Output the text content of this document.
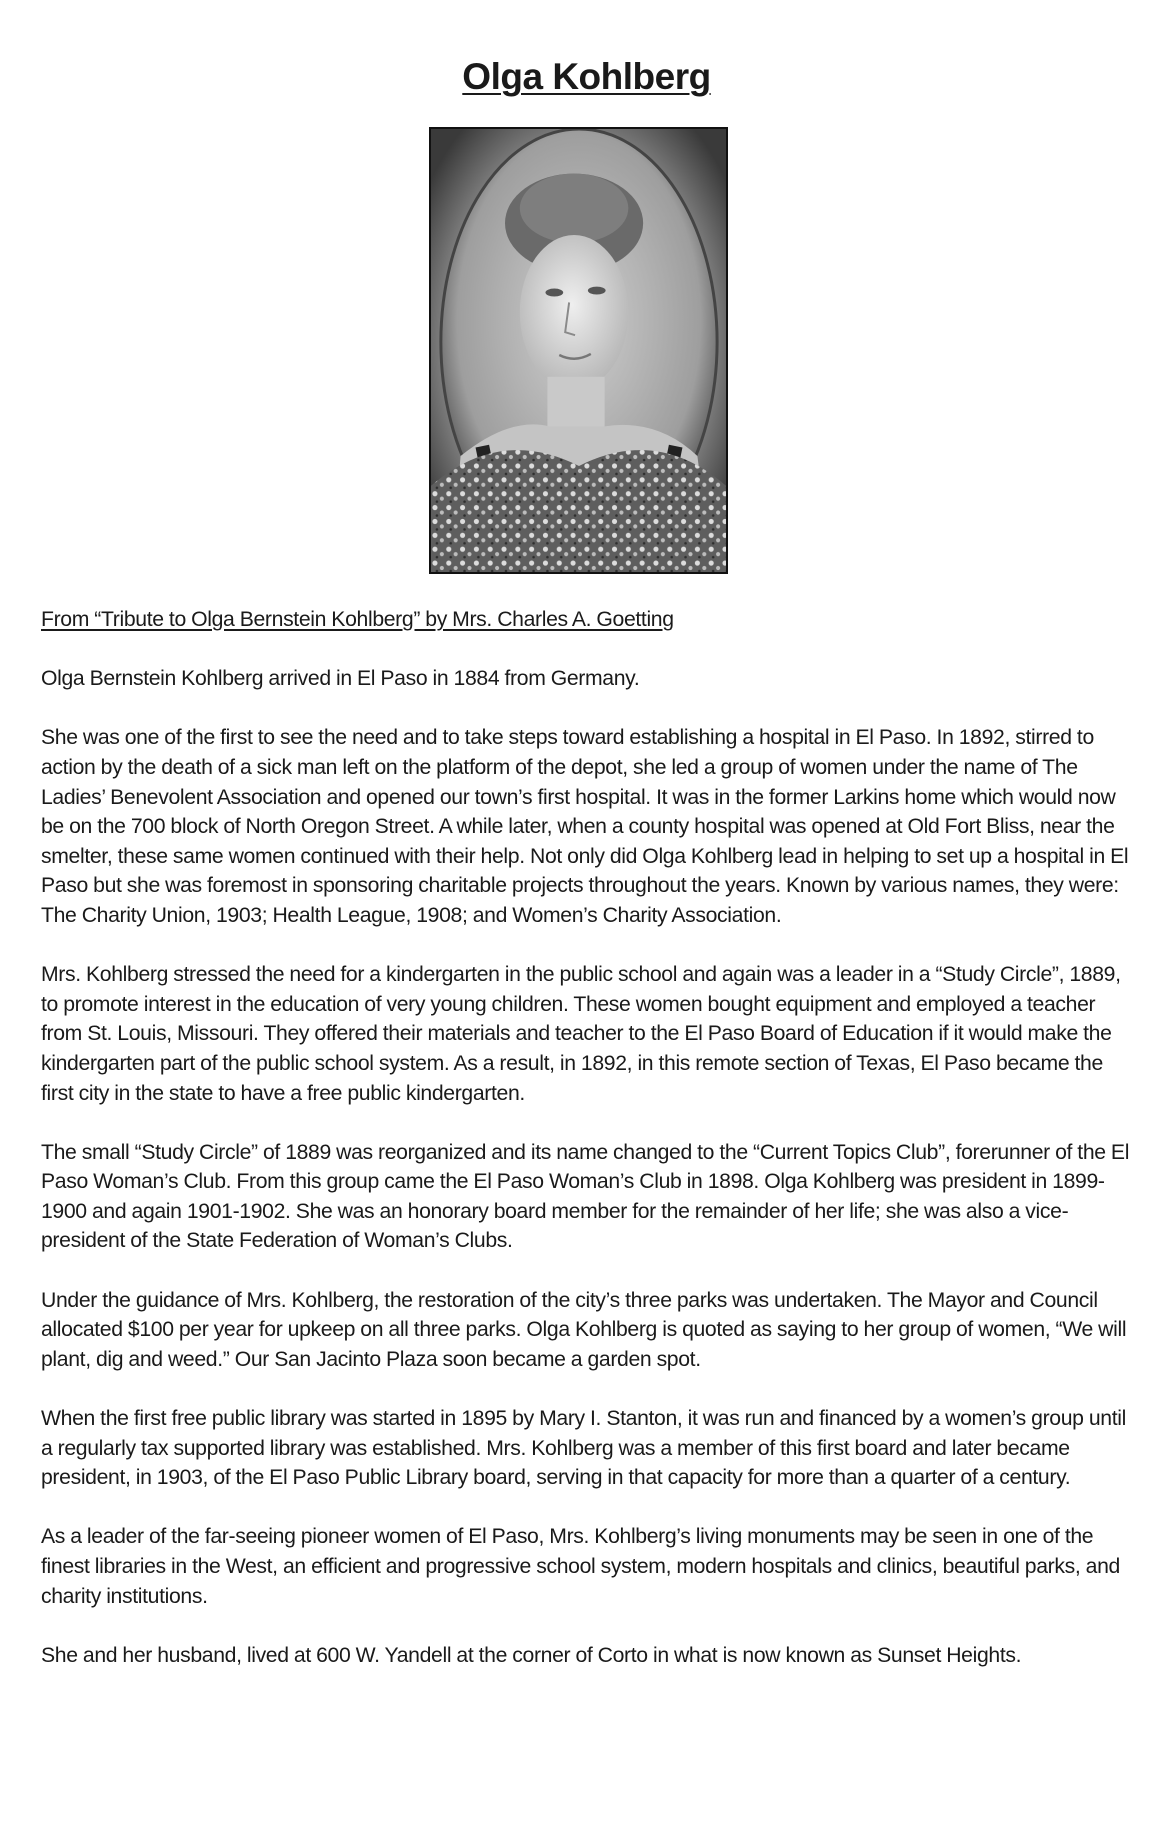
Olga Kohlberg

From “Tribute to Olga Bernstein Kohlberg” by Mrs. Charles A. Goetting

Olga Bernstein Kohlberg arrived in El Paso in 1884 from Germany.

She was one of the first to see the need and to take steps toward establishing a hospital in El Paso. In 1892, stirred to action by the death of a sick man left on the platform of the depot, she led a group of women under the name of The Ladies’ Benevolent Association and opened our town’s first hospital. It was in the former Larkins home which would now be on the 700 block of North Oregon Street. A while later, when a county hospital was opened at Old Fort Bliss, near the smelter, these same women continued with their help. Not only did Olga Kohlberg lead in helping to set up a hospital in El Paso but she was foremost in sponsoring charitable projects throughout the years. Known by various names, they were: The Charity Union, 1903; Health League, 1908; and Women’s Charity Association.

Mrs. Kohlberg stressed the need for a kindergarten in the public school and again was a leader in a “Study Circle”, 1889, to promote interest in the education of very young children. These women bought equipment and employed a teacher from St. Louis, Missouri. They offered their materials and teacher to the El Paso Board of Education if it would make the kindergarten part of the public school system. As a result, in 1892, in this remote section of Texas, El Paso became the first city in the state to have a free public kindergarten.

The small “Study Circle” of 1889 was reorganized and its name changed to the “Current Topics Club”, forerunner of the El Paso Woman’s Club. From this group came the El Paso Woman’s Club in 1898. Olga Kohlberg was president in 1899-1900 and again 1901-1902. She was an honorary board member for the remainder of her life; she was also a vice-president of the State Federation of Woman’s Clubs.

Under the guidance of Mrs. Kohlberg, the restoration of the city’s three parks was undertaken. The Mayor and Council allocated $100 per year for upkeep on all three parks. Olga Kohlberg is quoted as saying to her group of women, “We will plant, dig and weed.” Our San Jacinto Plaza soon became a garden spot.

When the first free public library was started in 1895 by Mary I. Stanton, it was run and financed by a women’s group until a regularly tax supported library was established. Mrs. Kohlberg was a member of this first board and later became president, in 1903, of the El Paso Public Library board, serving in that capacity for more than a quarter of a century.

As a leader of the far-seeing pioneer women of El Paso, Mrs. Kohlberg’s living monuments may be seen in one of the finest libraries in the West, an efficient and progressive school system, modern hospitals and clinics, beautiful parks, and charity institutions.

She and her husband, lived at 600 W. Yandell at the corner of Corto in what is now known as Sunset Heights.
